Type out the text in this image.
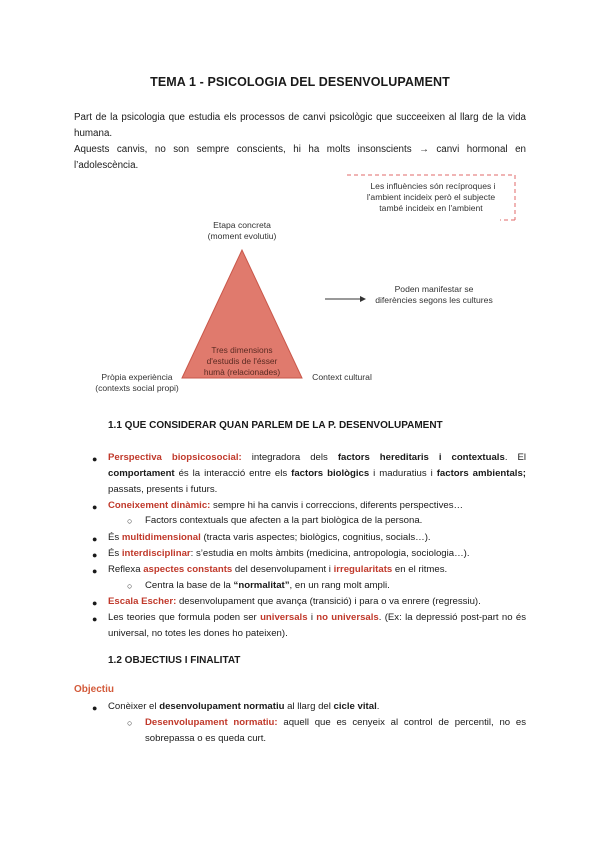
TEMA 1 - PSICOLOGIA DEL DESENVOLUPAMENT
Part de la psicologia que estudia els processos de canvi psicològic que succeeixen al llarg de la vida humana.
Aquests canvis, no son sempre conscients, hi ha molts insonscients → canvi hormonal en l’adolescència.
Les influències són recíproques i
l'ambient incideix però el subjecte
també incideix en l'ambient
Etapa concreta
(moment evolutiu)
Tres dimensions
d'estudis de l'ésser
humà (relacionades)
Poden manifestar se
diferències segons les cultures
Pròpia experiència
(contexts social propi)
Context cultural
1.1 QUE CONSIDERAR QUAN PARLEM DE LA P. DESENVOLUPAMENT
● Perspectiva biopsicosocial: integradora dels factors hereditaris i contextuals. El comportament és la interacció entre els factors biològics i maduratius i factors ambientals; passats, presents i futurs.
● Coneixement dinàmic: sempre hi ha canvis i correccions, diferents perspectives…
○ Factors contextuals que afecten a la part biològica de la persona.
● És multidimensional (tracta varis aspectes; biològics, cognitius, socials…).
● És interdisciplinar: s’estudia en molts àmbits (medicina, antropologia, sociologia…).
● Reflexa aspectes constants del desenvolupament i irregularitats en el ritmes.
○ Centra la base de la “normalitat”, en un rang molt ampli.
● Escala Escher: desenvolupament que avança (transició) i para o va enrere (regressiu).
● Les teories que formula poden ser universals i no universals. (Ex: la depressió post-part no és universal, no totes les dones ho pateixen).
1.2 OBJECTIUS I FINALITAT
Objectiu
● Conèixer el desenvolupament normatiu al llarg del cicle vital.
○ Desenvolupament normatiu: aquell que es cenyeix al control de percentil, no es sobrepassa o es queda curt.
